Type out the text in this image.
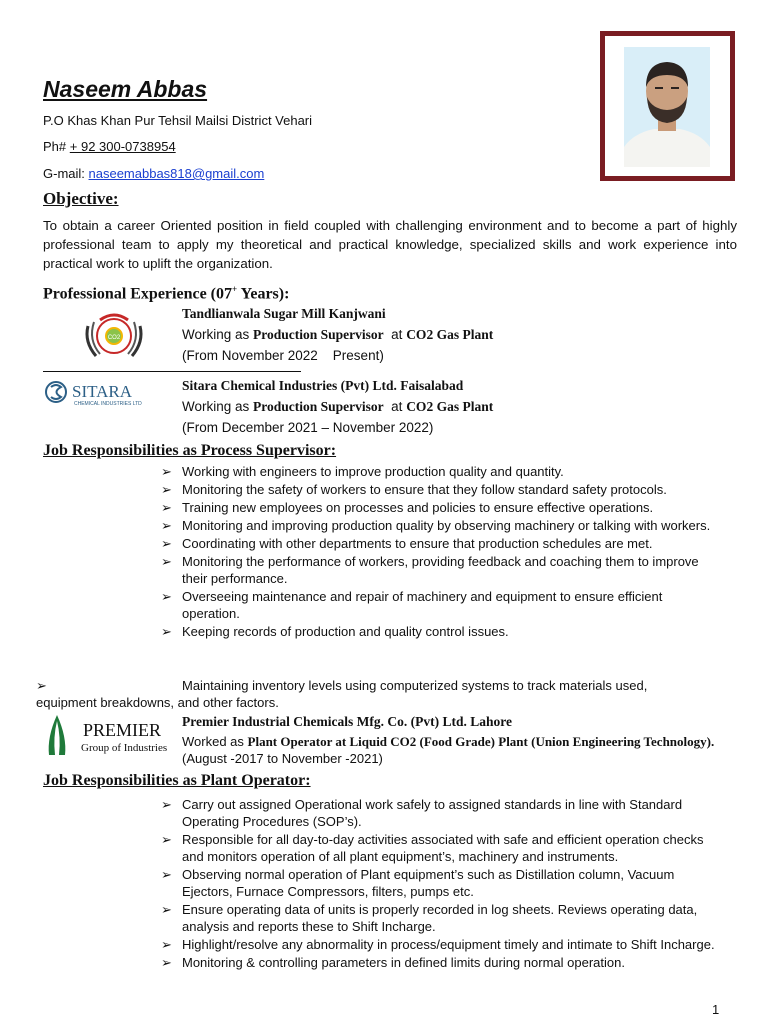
Naseem Abbas
P.O Khas Khan Pur Tehsil Mailsi District Vehari
Ph# + 92 300-0738954
G-mail: naseemabbas818@gmail.com
Objective:
To obtain a career Oriented position in field coupled with challenging environment and to become a part of highly professional team to apply my theoretical and practical knowledge, specialized skills and work experience into practical work to uplift the organization.
Professional Experience (07+ Years):
CO2
Tandlianwala Sugar Mill Kanjwani
Working as Production Supervisor  at CO2 Gas Plant
(From November 2022    Present)
SITARA
CHEMICAL INDUSTRIES LTD
Sitara Chemical Industries (Pvt) Ltd. Faisalabad
Working as Production Supervisor  at CO2 Gas Plant
(From December 2021 – November 2022)
Job Responsibilities as Process Supervisor:
➢ Working with engineers to improve production quality and quantity.
➢ Monitoring the safety of workers to ensure that they follow standard safety protocols.
➢ Training new employees on processes and policies to ensure effective operations.
➢ Monitoring and improving production quality by observing machinery or talking with workers.
➢ Coordinating with other departments to ensure that production schedules are met.
➢ Monitoring the performance of workers, providing feedback and coaching them to improve their performance.
➢ Overseeing maintenance and repair of machinery and equipment to ensure efficient operation.
➢ Keeping records of production and quality control issues.
➢	Maintaining inventory levels using computerized systems to track materials used,
equipment breakdowns, and other factors.
PREMIER
Group of Industries
Premier Industrial Chemicals Mfg. Co. (Pvt) Ltd. Lahore
Worked as Plant Operator at Liquid CO2 (Food Grade) Plant (Union Engineering Technology). (August -2017 to November -2021)
Job Responsibilities as Plant Operator:
➢ Carry out assigned Operational work safely to assigned standards in line with Standard Operating Procedures (SOP’s).
➢ Responsible for all day-to-day activities associated with safe and efficient operation checks and monitors operation of all plant equipment’s, machinery and instruments.
➢ Observing normal operation of Plant equipment’s such as Distillation column, Vacuum Ejectors, Furnace Compressors, filters, pumps etc.
➢ Ensure operating data of units is properly recorded in log sheets. Reviews operating data, analysis and reports these to Shift Incharge.
➢ Highlight/resolve any abnormality in process/equipment timely and intimate to Shift Incharge.
➢ Monitoring & controlling parameters in defined limits during normal operation.
1
